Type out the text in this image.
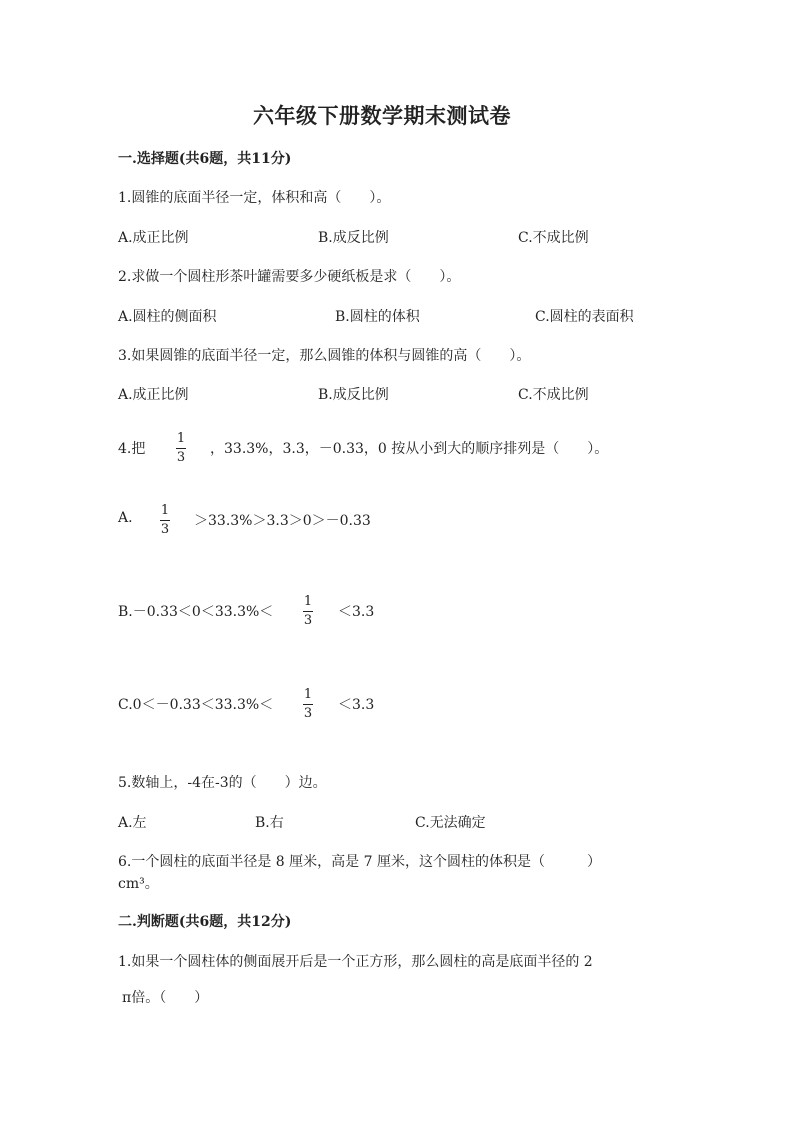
六年级下册数学期末测试卷
一.选择题(共6题，共11分)
1.圆锥的底面半径一定，体积和高（　　）。
A.成正比例	B.成反比例	C.不成比例
2.求做一个圆柱形茶叶罐需要多少硬纸板是求（　　）。
A.圆柱的侧面积	B.圆柱的体积	C.圆柱的表面积
3.如果圆锥的底面半径一定，那么圆锥的体积与圆锥的高（　　）。
A.成正比例	B.成反比例	C.不成比例
4.把
1
3
，33.3%，3.3，－0.33，0 按从小到大的顺序排列是（　　）。
A. 1
3
＞33.3%＞3.3＞0＞－0.33
B.－0.33＜0＜33.3%＜
1
3
＜3.3
C.0＜－0.33＜33.3%＜
1
3
＜3.3
5.数轴上，-4在-3的（　　）边。
A.左	B.右	C.无法确定
6.一个圆柱的底面半径是 8 厘米，高是 7 厘米，这个圆柱的体积是（　　　）
cm³。
二.判断题(共6题，共12分)
1.如果一个圆柱体的侧面展开后是一个正方形，那么圆柱的高是底面半径的 2
π倍。（　　）
